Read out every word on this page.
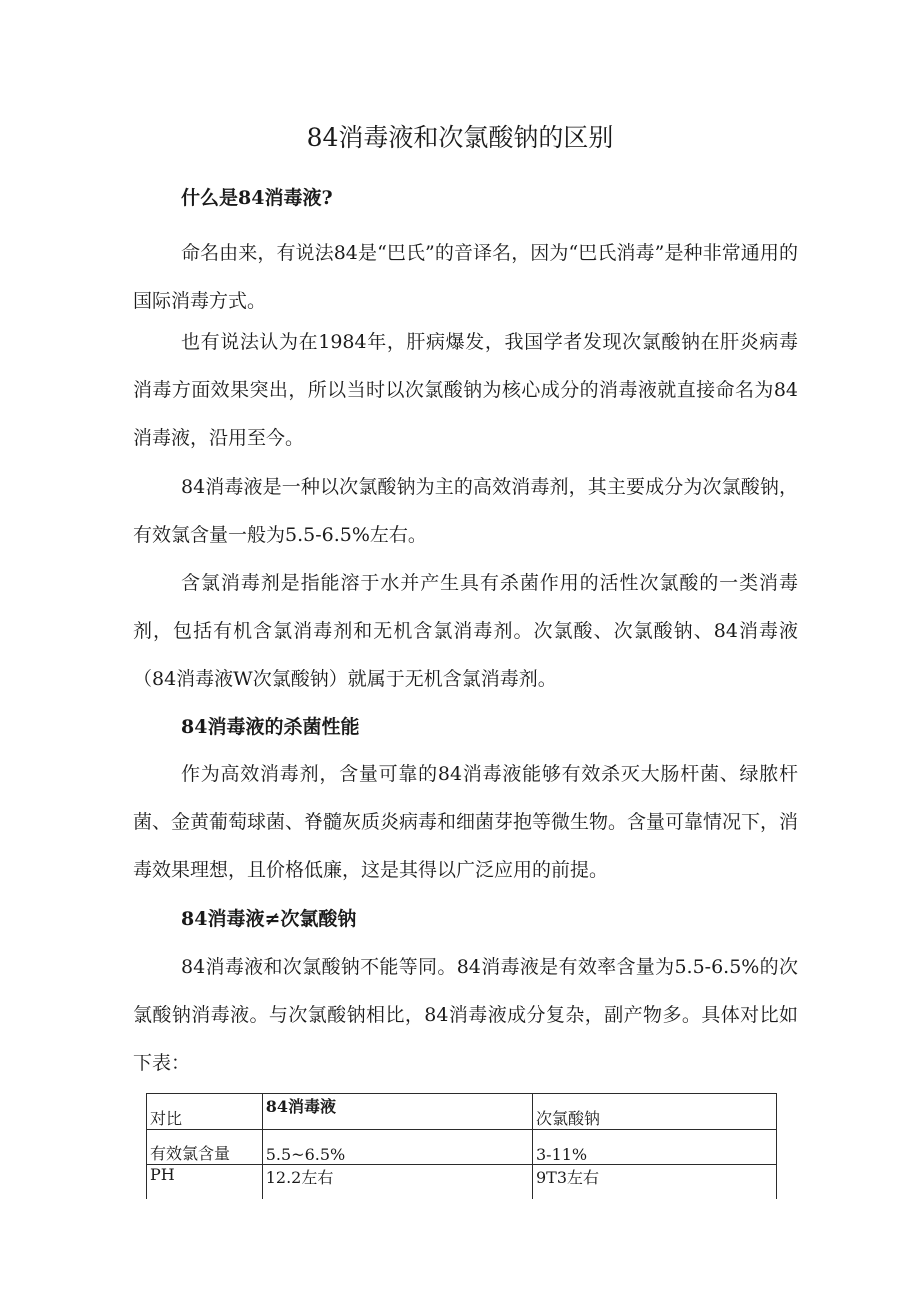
84消毒液和次氯酸钠的区别
什么是84消毒液?

命名由来，有说法84是“巴氏”的音译名，因为“巴氏消毒”是种非常通用的国际消毒方式。

也有说法认为在1984年，肝病爆发，我国学者发现次氯酸钠在肝炎病毒消毒方面效果突出，所以当时以次氯酸钠为核心成分的消毒液就直接命名为84消毒液，沿用至今。

84消毒液是一种以次氯酸钠为主的高效消毒剂，其主要成分为次氯酸钠，有效氯含量一般为5.5-6.5%左右。

含氯消毒剂是指能溶于水并产生具有杀菌作用的活性次氯酸的一类消毒剂，包括有机含氯消毒剂和无机含氯消毒剂。次氯酸、次氯酸钠、84消毒液（84消毒液W次氯酸钠）就属于无机含氯消毒剂。

84消毒液的杀菌性能

作为高效消毒剂，含量可靠的84消毒液能够有效杀灭大肠杆菌、绿脓杆菌、金黄葡萄球菌、脊髓灰质炎病毒和细菌芽抱等微生物。含量可靠情况下，消毒效果理想，且价格低廉，这是其得以广泛应用的前提。

84消毒液≠次氯酸钠

84消毒液和次氯酸钠不能等同。84消毒液是有效率含量为5.5-6.5%的次氯酸钠消毒液。与次氯酸钠相比，84消毒液成分复杂，副产物多。具体对比如下表：

对比	84消毒液	次氯酸钠
有效氯含量	5.5~6.5%	3-11%
PH	12.2左右	9T3左右
